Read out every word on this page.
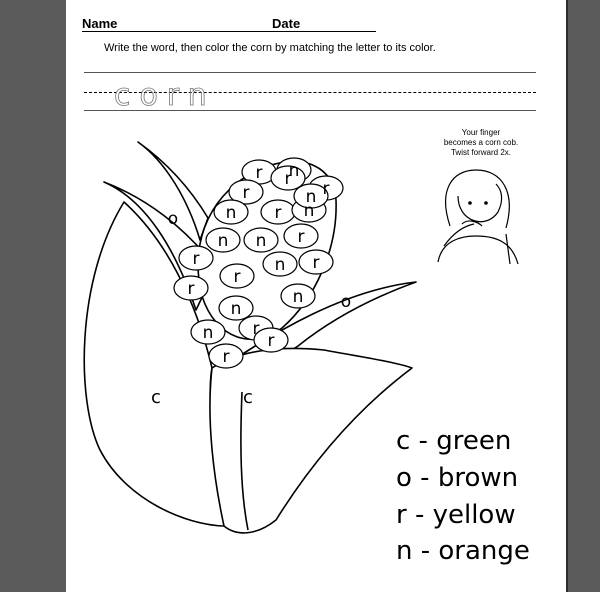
Name	Date
Write the word, then color the corn by matching the letter to its color.
corn
Your finger
becomes a corn cob.
Twist forward 2x.
r n
r
r
n r n
n n r
r
r
r
n
r
n
n
r
n
r
r
r
n
o
o
c	c
c - green
o - brown
r - yellow
n - orange
